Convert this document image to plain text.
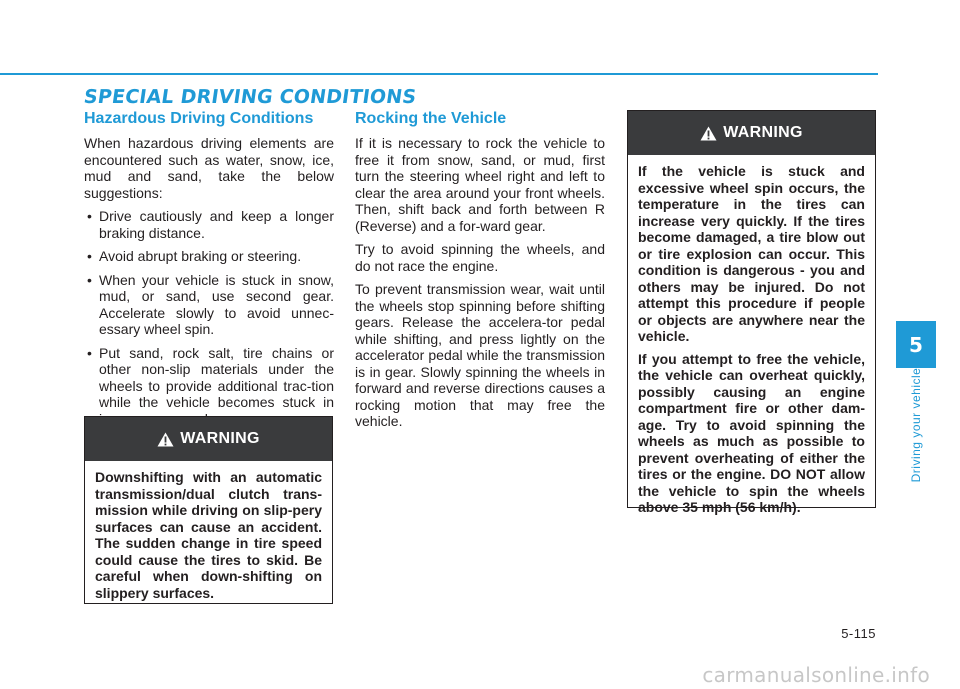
SPECIAL DRIVING CONDITIONS
Hazardous Driving Conditions

When hazardous driving elements are encountered such as water, snow, ice, mud and sand, take the below suggestions:

• Drive cautiously and keep a longer braking distance.
• Avoid abrupt braking or steering.
• When your vehicle is stuck in snow, mud, or sand, use second gear. Accelerate slowly to avoid unnec-essary wheel spin.
• Put sand, rock salt, tire chains or other non-slip materials under the wheels to provide additional trac-tion while the vehicle becomes stuck in
WARNING

Downshifting with an automatic transmission/dual clutch trans-mission while driving on slip-pery surfaces can cause an accident. The sudden change in tire speed could cause the tires to skid. Be careful when down-shifting on slippery surfaces.

Rocking the Vehicle

If it is necessary to rock the vehicle to free it from snow, sand, or mud, first turn the steering wheel right and left to clear the area around your front wheels. Then, shift back and forth between R (Reverse) and a for-ward gear.

Try to avoid spinning the wheels, and do not race the engine.

To prevent transmission wear, wait until the wheels stop spinning before shifting gears. Release the accelera-tor pedal while shifting, and press lightly on the accelerator pedal while the transmission is in gear. Slowly spinning the wheels in forward and reverse directions causes a rocking motion that may free the vehicle.

WARNING

If the vehicle is stuck and excessive wheel spin occurs, the temperature in the tires can increase very quickly. If the tires become damaged, a tire blow out or tire explosion can occur. This condition is dangerous - you and others may be injured. Do not attempt this procedure if people or objects are anywhere near the vehicle.

If you attempt to free the vehicle, the vehicle can overheat quickly, possibly causing an engine compartment fire or other dam-age. Try to avoid spinning the wheels as much as possible to prevent overheating of either the tires or the engine. DO NOT allow the vehicle to spin the wheels above 35 mph (56 km/h).

5
Driving your vehicle
5-115
carmanualsonline.info
